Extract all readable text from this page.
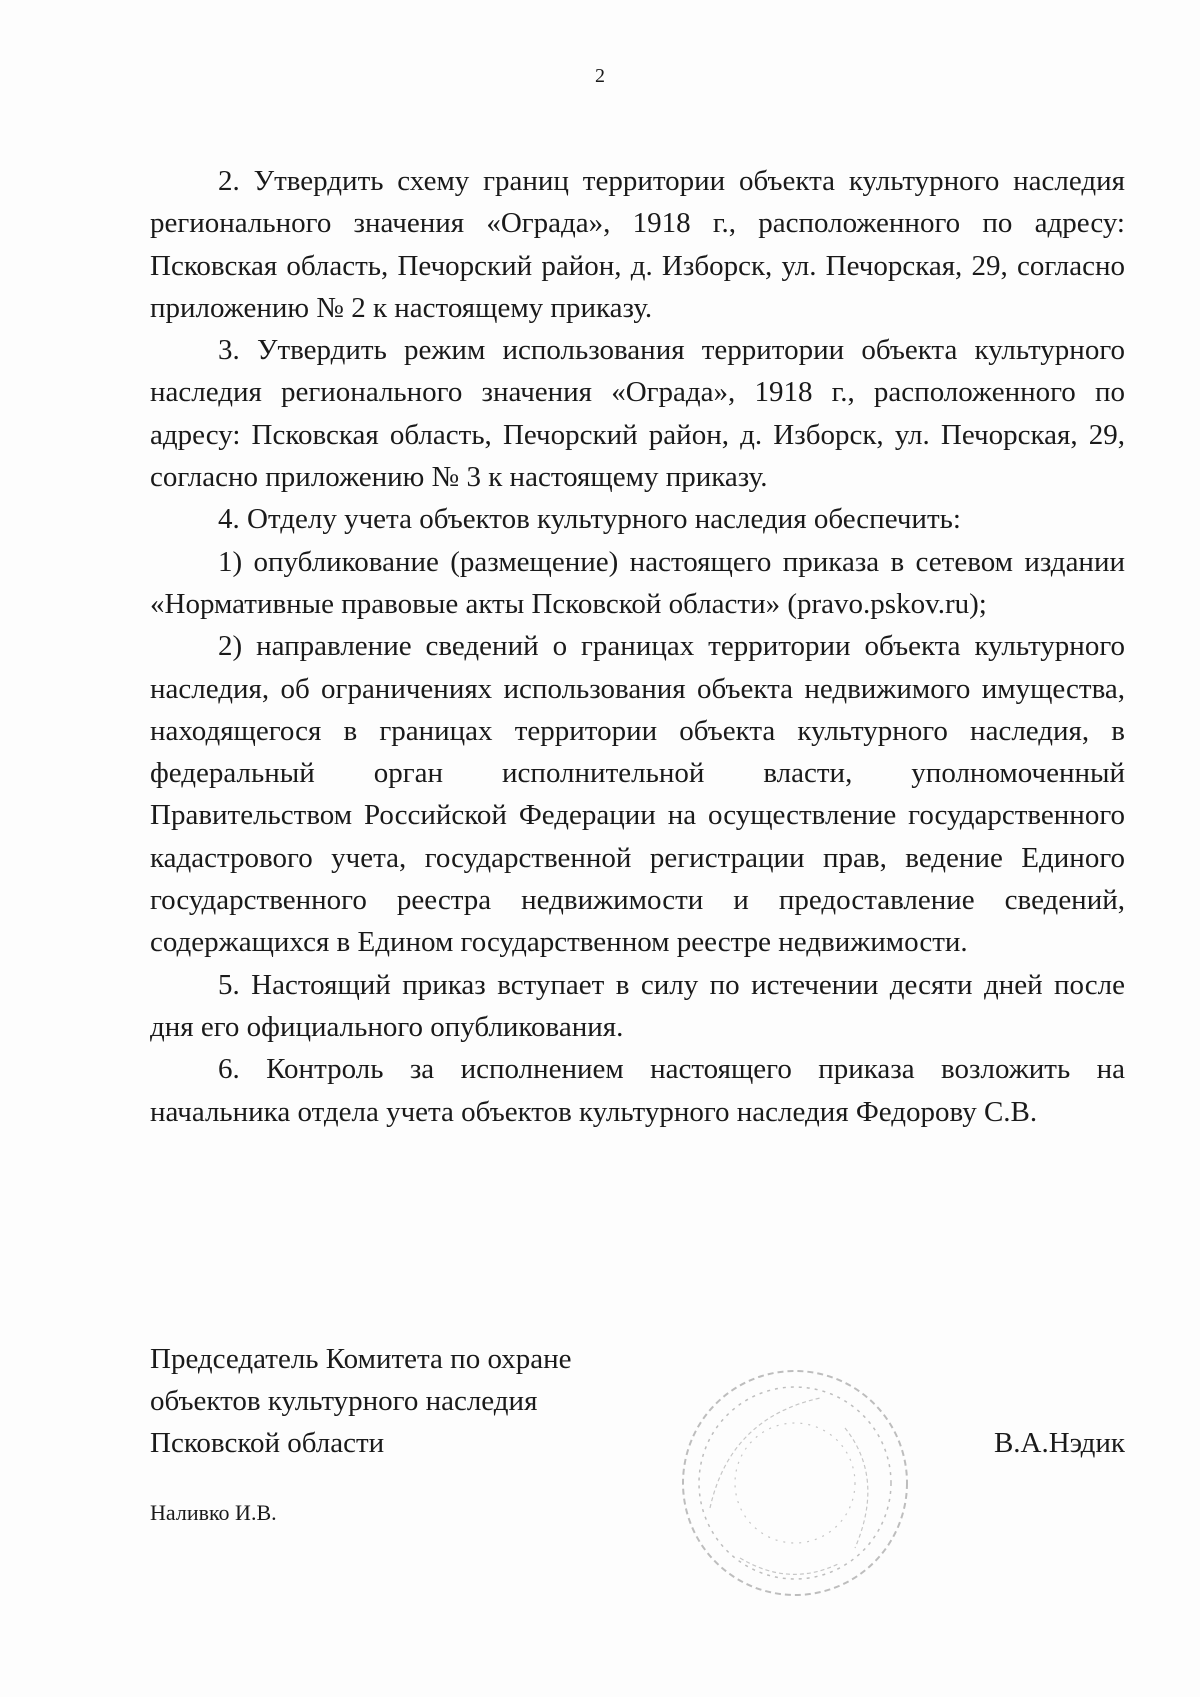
2

2. Утвердить схему границ территории объекта культурного наследия регионального значения «Ограда», 1918 г., расположенного по адресу: Псковская область, Печорский район, д. Изборск, ул. Печорская, 29, согласно приложению № 2 к настоящему приказу.

3. Утвердить режим использования территории объекта культурного наследия регионального значения «Ограда», 1918 г., расположенного по адресу: Псковская область, Печорский район, д. Изборск, ул. Печорская, 29, согласно приложению № 3 к настоящему приказу.

4. Отделу учета объектов культурного наследия обеспечить:

1) опубликование (размещение) настоящего приказа в сетевом издании «Нормативные правовые акты Псковской области» (pravo.pskov.ru);

2) направление сведений о границах территории объекта культурного наследия, об ограничениях использования объекта недвижимого имущества, находящегося в границах территории объекта культурного наследия, в федеральный орган исполнительной власти, уполномоченный Правительством Российской Федерации на осуществление государственного кадастрового учета, государственной регистрации прав, ведение Единого государственного реестра недвижимости и предоставление сведений, содержащихся в Едином государственном реестре недвижимости.

5. Настоящий приказ вступает в силу по истечении десяти дней после дня его официального опубликования.

6. Контроль за исполнением настоящего приказа возложить на начальника отдела учета объектов культурного наследия Федорову С.В.

Председатель Комитета по охране
объектов культурного наследия
Псковской области	В.А.Нэдик
Наливко И.В.
